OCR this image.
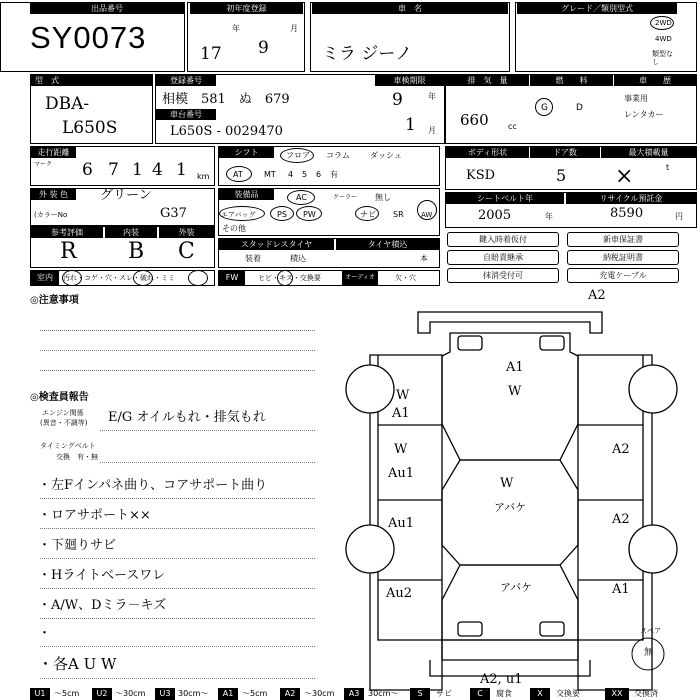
出品番号
SY0073
初年度登録
年	月
17 9
車　名
ミラ ジーノ
グレード／類別型式
2WD
4WD
類型なし
型　式
DBA-
L650S
登録番号
相模　581　ぬ　679
車台番号
L650S - 0029470
車検期限
年
月
9
1
排　気　量
660 cc
燃　　料
G	D
車　　歴
事業用
レンタカー
走行距離
マーク 6 7 1 4 1 km
シフト	フロア コラム	ダッシュ
AT	MT 4 5 6 有
ボディ形状
KSD
ドア数
5
最大積載量
t
×
外 装 色	グリーン
(カラーNo	G37
装備品	AC	クーラー 無し
エアバッグ	PS PW	ナビ SR AW
その他
シートベルト年
2005	年
リサイクル預託金
8590	円
参考評価	内装	外装
R B C	スタッドレスタイヤ	タイヤ積込
装着	積込	本
鍵入時着仮付	新車保証書
自賠責継承	納税証明書
抹消受付可	充電ケーブル
室内	汚れ・コゲ・穴・スレ・破れ・ミミ	FW	ヒビ・キズ・交換要	オーディオ	欠・穴
◎注意事項
◎検査員報告
エンジン関係
(異音・不調等) E/G オイルもれ・排気もれ
タイミングベルト
交換　有・無
・左Fインパネ曲り、コアサポート曲り
・ロアサポート××
・下廻りサビ
・Hライトベースワレ
・A/W、Dミラ－キズ
・
・各A U W
A2
A1
W
W
A1
W
Au1
Au1
Au2
A2
A2
A1
W
アバケ
アバケ
A2, u1
スペア
無
U1	～5cm	U2 ～30cm	U3 30cm～	A1	～5cm	A2	～30cm	A3	30cm～	S	サビ	C	腐食	X	交換要	XX	交換済
